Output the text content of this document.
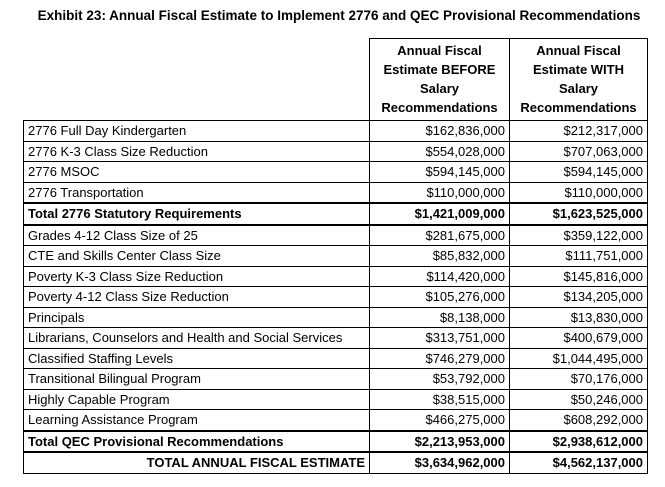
Exhibit 23: Annual Fiscal Estimate to Implement 2776 and QEC Provisional Recommendations
	Annual Fiscal Estimate BEFORE Salary Recommendations	Annual Fiscal Estimate WITH Salary Recommendations
2776 Full Day Kindergarten	$162,836,000	$212,317,000
2776 K-3 Class Size Reduction	$554,028,000	$707,063,000
2776 MSOC	$594,145,000	$594,145,000
2776 Transportation	$110,000,000	$110,000,000
Total 2776 Statutory Requirements	$1,421,009,000	$1,623,525,000
Grades 4-12 Class Size of 25	$281,675,000	$359,122,000
CTE and Skills Center Class Size	$85,832,000	$111,751,000
Poverty K-3 Class Size Reduction	$114,420,000	$145,816,000
Poverty 4-12 Class Size Reduction	$105,276,000	$134,205,000
Principals	$8,138,000	$13,830,000
Librarians, Counselors and Health and Social Services	$313,751,000	$400,679,000
Classified Staffing Levels	$746,279,000	$1,044,495,000
Transitional Bilingual Program	$53,792,000	$70,176,000
Highly Capable Program	$38,515,000	$50,246,000
Learning Assistance Program	$466,275,000	$608,292,000
Total QEC Provisional Recommendations	$2,213,953,000	$2,938,612,000
TOTAL ANNUAL FISCAL ESTIMATE	$3,634,962,000	$4,562,137,000
